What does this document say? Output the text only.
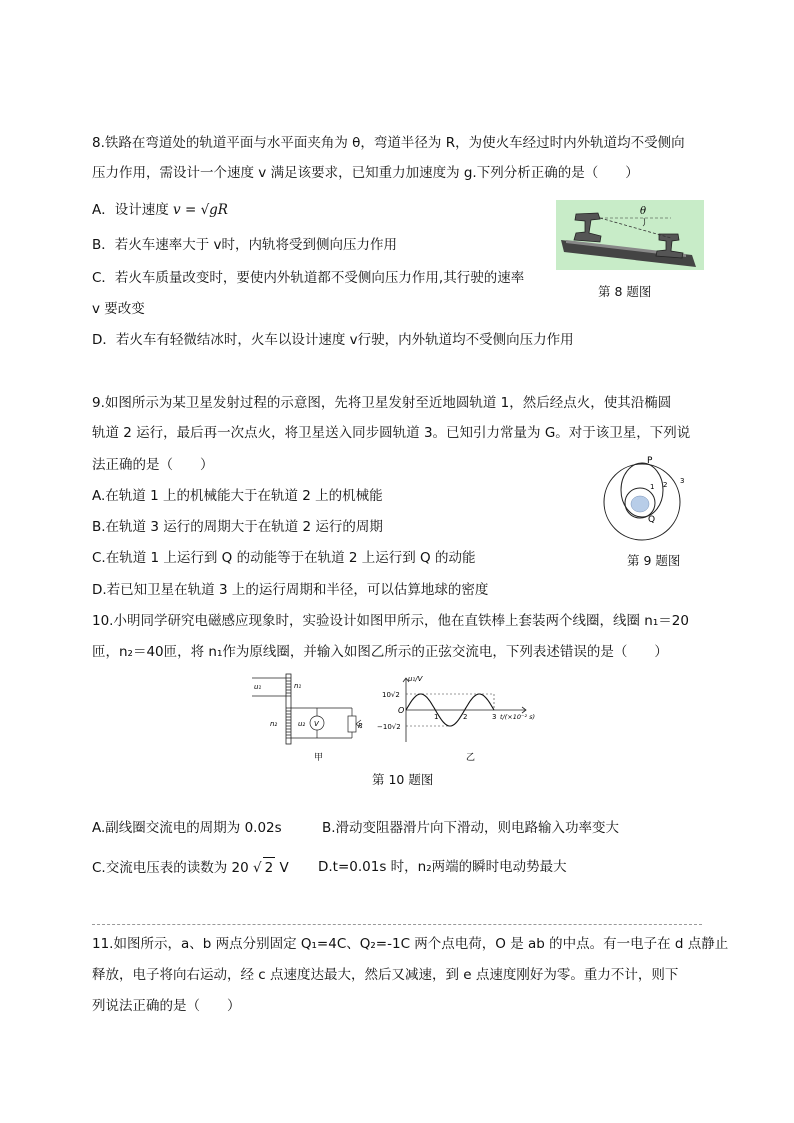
8.铁路在弯道处的轨道平面与水平面夹角为 θ，弯道半径为 R，为使火车经过时内外轨道均不受侧向
压力作用，需设计一个速度 v 满足该要求，已知重力加速度为 g.下列分析正确的是（　　）
A．设计速度 v = √gR
B．若火车速率大于 v时，内轨将受到侧向压力作用
C．若火车质量改变时，要使内外轨道都不受侧向压力作用,其行驶的速率
v 要改变
D．若火车有轻微结冰时，火车以设计速度 v行驶，内外轨道均不受侧向压力作用
θ
第 8 题图
9.如图所示为某卫星发射过程的示意图，先将卫星发射至近地圆轨道 1，然后经点火，使其沿椭圆
轨道 2 运行，最后再一次点火，将卫星送入同步圆轨道 3。已知引力常量为 G。对于该卫星，下列说
法正确的是（　　）
A.在轨道 1 上的机械能大于在轨道 2 上的机械能
B.在轨道 3 运行的周期大于在轨道 2 运行的周期
C.在轨道 1 上运行到 Q 的动能等于在轨道 2 上运行到 Q 的动能
D.若已知卫星在轨道 3 上的运行周期和半径，可以估算地球的密度
P
Q
1 2 3
第 9 题图
10.小明同学研究电磁感应现象时，实验设计如图甲所示，他在直铁棒上套装两个线圈，线圈 n₁＝20
匝，n₂＝40匝，将 n₁作为原线圈，并输入如图乙所示的正弦交流电，下列表述错误的是（　　）
u₁	n₁
n₂	u₂ V	R
甲
u₁/V
10√2
−10√2
O
1	2	3 t/(×10⁻² s)
乙
第 10 题图
A.副线圈交流电的周期为 0.02s	B.滑动变阻器滑片向下滑动，则电路输入功率变大
C.交流电压表的读数为 20 √ 2 V D.t=0.01s 时，n₂两端的瞬时电动势最大
11.如图所示，a、b 两点分别固定 Q₁=4C、Q₂=-1C 两个点电荷，O 是 ab 的中点。有一电子在 d 点静止
释放，电子将向右运动，经 c 点速度达最大，然后又减速，到 e 点速度刚好为零。重力不计，则下
列说法正确的是（　　）
